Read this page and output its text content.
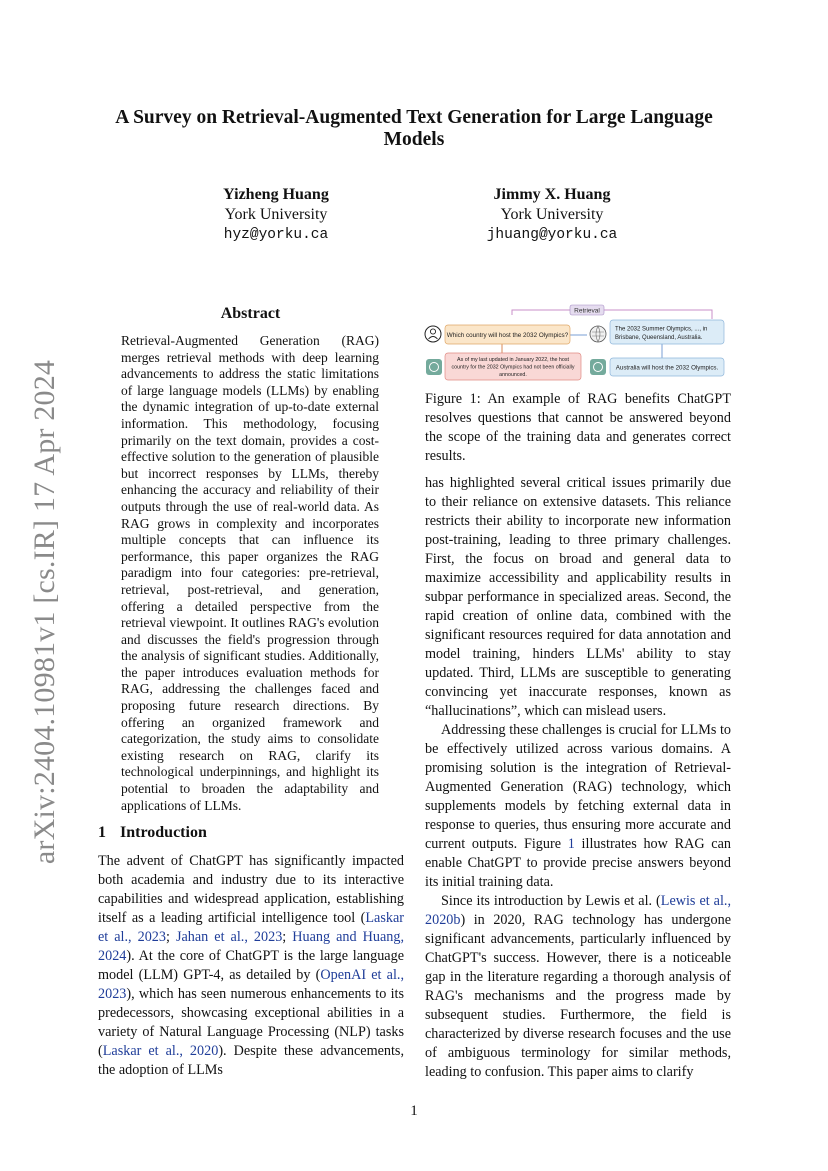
A Survey on Retrieval-Augmented Text Generation for Large Language Models
Yizheng Huang
York University
hyz@yorku.ca
Jimmy X. Huang
York University
jhuang@yorku.ca
arXiv:2404.10981v1 [cs.IR] 17 Apr 2024
Abstract

Retrieval-Augmented Generation (RAG) merges retrieval methods with deep learning advancements to address the static limitations of large language models (LLMs) by enabling the dynamic integration of up-to-date external information. This methodology, focusing primarily on the text domain, provides a cost-effective solution to the generation of plausible but incorrect responses by LLMs, thereby enhancing the accuracy and reliability of their outputs through the use of real-world data. As RAG grows in complexity and incorporates multiple concepts that can influence its performance, this paper organizes the RAG paradigm into four categories: pre-retrieval, retrieval, post-retrieval, and generation, offering a detailed perspective from the retrieval viewpoint. It outlines RAG's evolution and discusses the field's progression through the analysis of significant studies. Additionally, the paper introduces evaluation methods for RAG, addressing the challenges faced and proposing future research directions. By offering an organized framework and categorization, the study aims to consolidate existing research on RAG, clarify its technological underpinnings, and highlight its potential to broaden the adaptability and applications of LLMs.

1 Introduction

The advent of ChatGPT has significantly impacted both academia and industry due to its interactive capabilities and widespread application, establishing itself as a leading artificial intelligence tool (Laskar et al., 2023; Jahan et al., 2023; Huang and Huang, 2024). At the core of ChatGPT is the large language model (LLM) GPT-4, as detailed by (OpenAI et al., 2023), which has seen numerous enhancements to its predecessors, showcasing exceptional abilities in a variety of Natural Language Processing (NLP) tasks (Laskar et al., 2020). Despite these advancements, the adoption of LLMs

Retrieval
Which country will host the 2032 Olympics?
The 2032 Summer Olympics, ..., in
Brisbane, Queensland, Australia.
As of my last updated in January 2022, the host
country for the 2032 Olympics had not been officially
announced.
Australia will host the 2032 Olympics.

Figure 1: An example of RAG benefits ChatGPT resolves questions that cannot be answered beyond the scope of the training data and generates correct results.

has highlighted several critical issues primarily due to their reliance on extensive datasets. This reliance restricts their ability to incorporate new information post-training, leading to three primary challenges. First, the focus on broad and general data to maximize accessibility and applicability results in subpar performance in specialized areas. Second, the rapid creation of online data, combined with the significant resources required for data annotation and model training, hinders LLMs' ability to stay updated. Third, LLMs are susceptible to generating convincing yet inaccurate responses, known as “hallucinations”, which can mislead users.

Addressing these challenges is crucial for LLMs to be effectively utilized across various domains. A promising solution is the integration of Retrieval-Augmented Generation (RAG) technology, which supplements models by fetching external data in response to queries, thus ensuring more accurate and current outputs. Figure 1 illustrates how RAG can enable ChatGPT to provide precise answers beyond its initial training data.

Since its introduction by Lewis et al. (Lewis et al., 2020b) in 2020, RAG technology has undergone significant advancements, particularly influenced by ChatGPT's success. However, there is a noticeable gap in the literature regarding a thorough analysis of RAG's mechanisms and the progress made by subsequent studies. Furthermore, the field is characterized by diverse research focuses and the use of ambiguous terminology for similar methods, leading to confusion. This paper aims to clarify

1
